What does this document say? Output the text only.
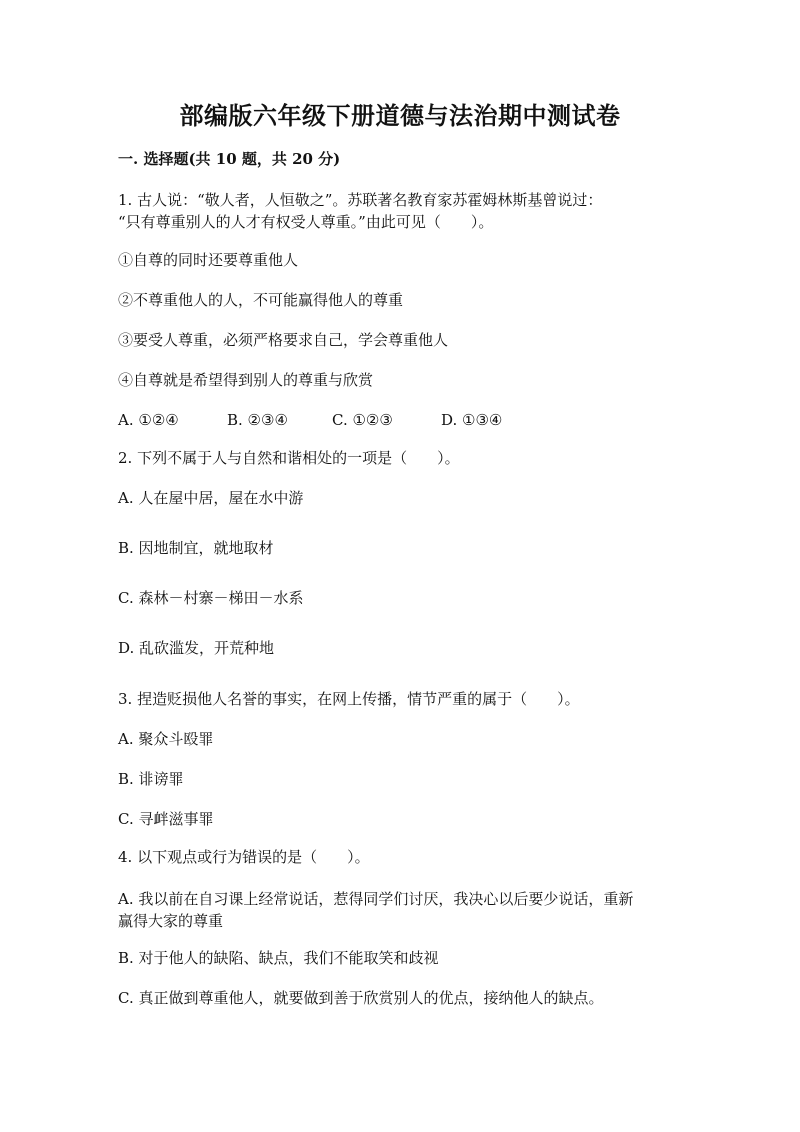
部编版六年级下册道德与法治期中测试卷
一. 选择题(共 10 题，共 20 分)
1. 古人说：“敬人者，人恒敬之”。苏联著名教育家苏霍姆林斯基曾说过：
“只有尊重别人的人才有权受人尊重。”由此可见（　　）。
①自尊的同时还要尊重他人
②不尊重他人的人，不可能赢得他人的尊重
③要受人尊重，必须严格要求自己，学会尊重他人
④自尊就是希望得到别人的尊重与欣赏
A. ①②④	B. ②③④	C. ①②③	D. ①③④
2. 下列不属于人与自然和谐相处的一项是（　　）。
A. 人在屋中居，屋在水中游
B. 因地制宜，就地取材
C. 森林－村寨－梯田－水系
D. 乱砍滥发，开荒种地
3. 捏造贬损他人名誉的事实，在网上传播，情节严重的属于（　　）。
A. 聚众斗殴罪
B. 诽谤罪
C. 寻衅滋事罪
4. 以下观点或行为错误的是（　　）。
A. 我以前在自习课上经常说话，惹得同学们讨厌，我决心以后要少说话，重新
赢得大家的尊重
B. 对于他人的缺陷、缺点，我们不能取笑和歧视
C. 真正做到尊重他人，就要做到善于欣赏别人的优点，接纳他人的缺点。
